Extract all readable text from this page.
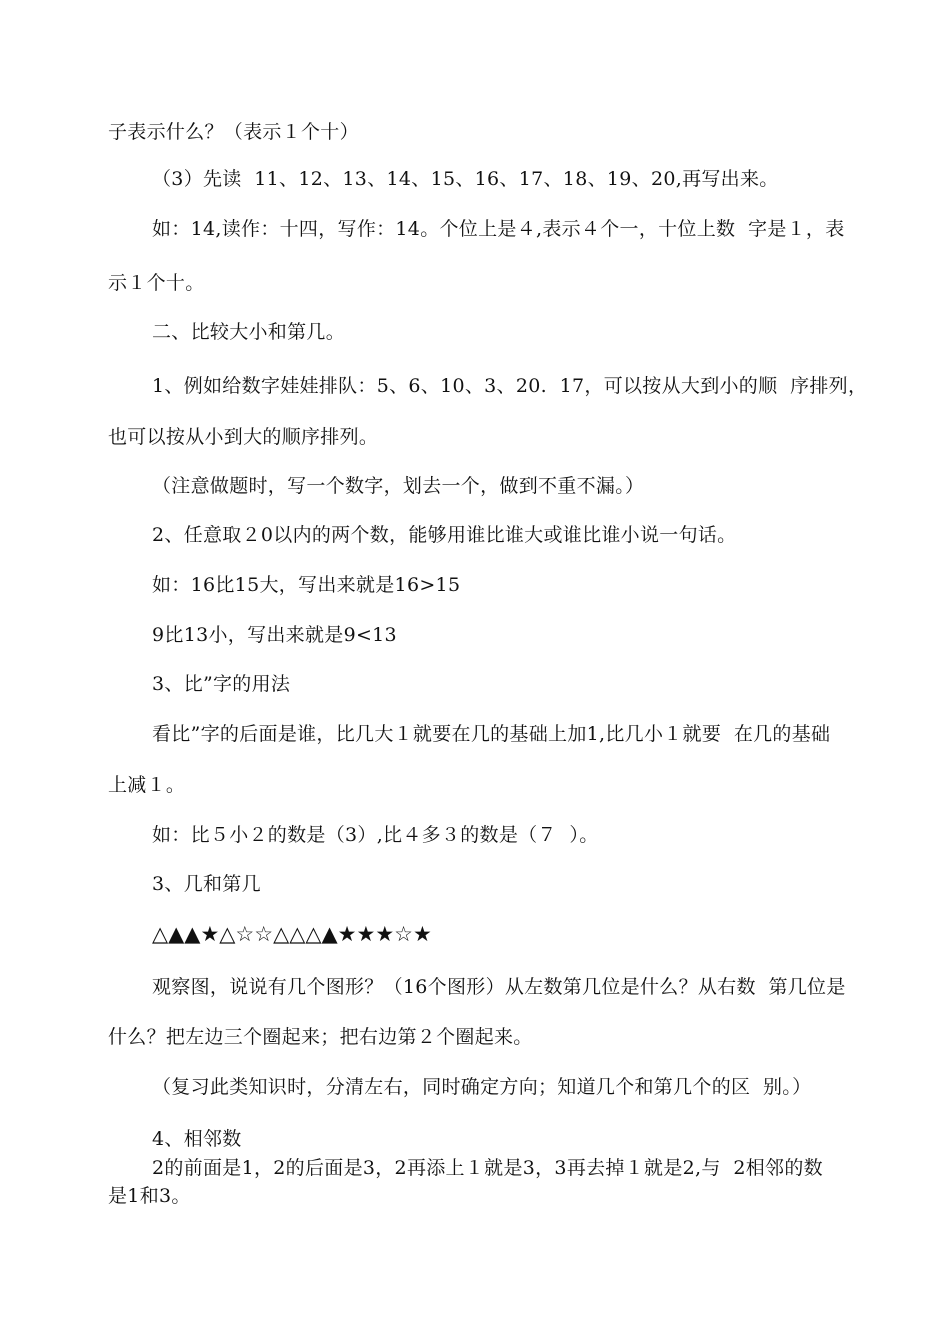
子表示什么？（表示１个十）
（3）先读  11、12、13、14、15、16、17、18、19、20,再写出来。
如：14,读作：十四，写作：14。个位上是４,表示４个一，十位上数  字是１，表
示１个十。
二、比较大小和第几。
1、例如给数字娃娃排队：5、6、10、3、20.  17，可以按从大到小的顺  序排列，
也可以按从小到大的顺序排列。
（注意做题时，写一个数字，划去一个，做到不重不漏。）
2、任意取２0以内的两个数，能够用谁比谁大或谁比谁小说一句话。
如：16比15大，写出来就是16>15
9比13小，写出来就是9<13
3、比”字的用法
看比”字的后面是谁，比几大１就要在几的基础上加1,比几小１就要  在几的基础
上减１。
如：比５小２的数是（3）,比４多３的数是（７  ）。
3、几和第几
△▲▲★△☆☆△△△▲★★★☆★
观察图，说说有几个图形？（16个图形）从左数第几位是什么？从右数  第几位是
什么？把左边三个圈起来；把右边第２个圈起来。
（复习此类知识时，分清左右，同时确定方向；知道几个和第几个的区  别。）
4、相邻数
2的前面是1，2的后面是3，2再添上１就是3，3再去掉１就是2,与  2相邻的数
是1和3。
